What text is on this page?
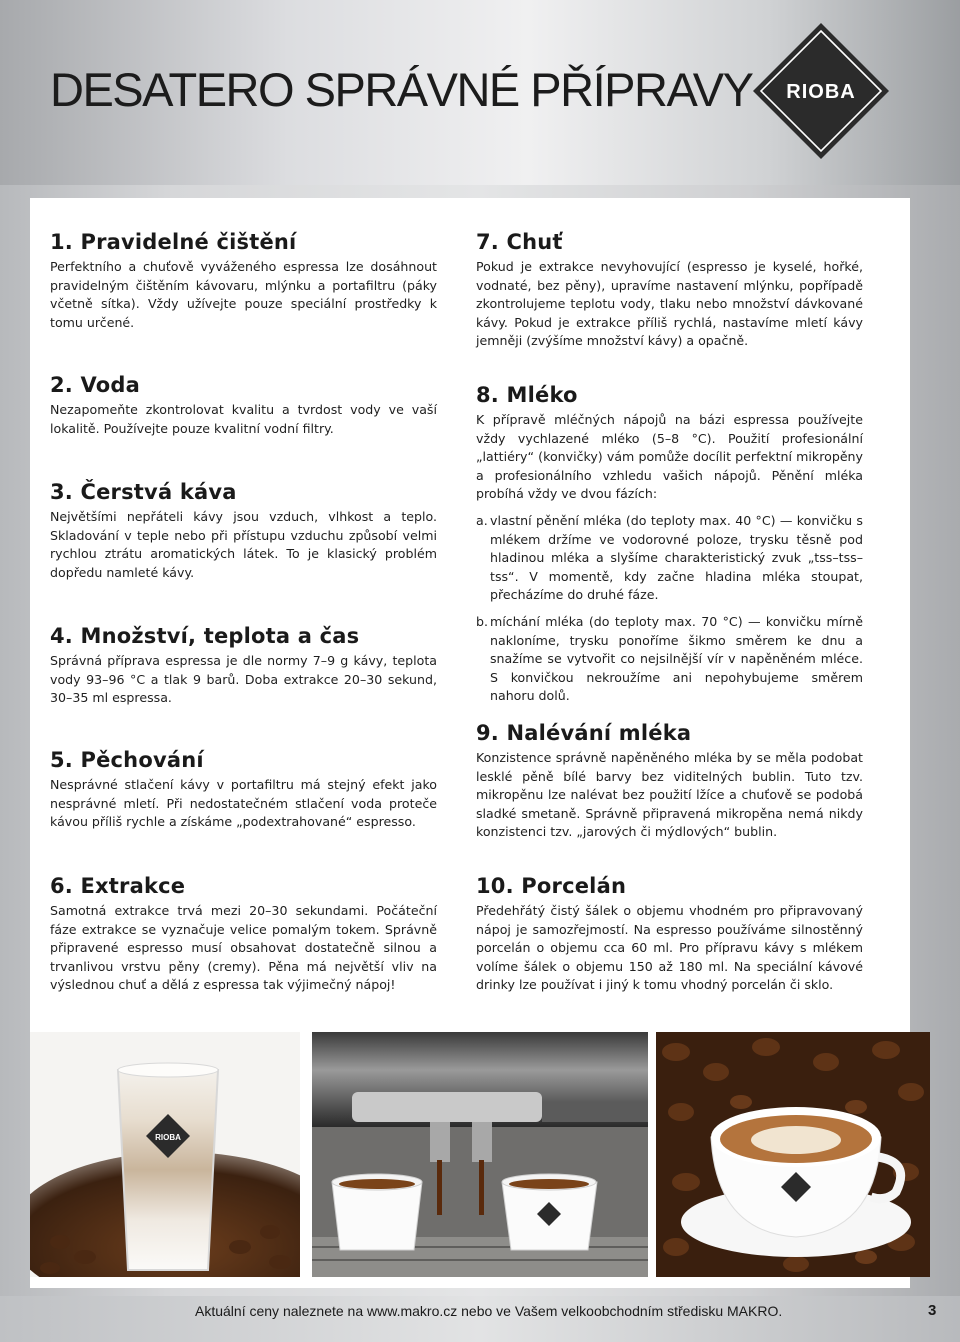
DESATERO SPRÁVNÉ PŘÍPRAVY RIOBA
1. Pravidelné čištění

Perfektního a chuťově vyváženého espressa lze dosáhnout pravidelným čištěním kávovaru, mlýnku a portafiltru (páky včetně sítka). Vždy užívejte pouze speciální prostředky k tomu určené.

2. Voda

Nezapomeňte zkontrolovat kvalitu a tvrdost vody ve vaší lokalitě. Používejte pouze kvalitní vodní filtry.

3. Čerstvá káva

Největšími nepřáteli kávy jsou vzduch, vlhkost a teplo. Skladování v teple nebo při přístupu vzduchu způsobí velmi rychlou ztrátu aromatických látek. To je klasický problém dopředu namleté kávy.

4. Množství, teplota a čas

Správná příprava espressa je dle normy 7–9 g kávy, teplota vody 93–96 °C a tlak 9 barů. Doba extrakce 20–30 sekund, 30–35 ml espressa.

5. Pěchování

Nesprávné stlačení kávy v portafiltru má stejný efekt jako nesprávné mletí. Při nedostatečném stlačení voda proteče kávou příliš rychle a získáme „podextrahované“ espresso.

6. Extrakce

Samotná extrakce trvá mezi 20–30 sekundami. Počáteční fáze extrakce se vyznačuje velice pomalým tokem. Správně připravené espresso musí obsahovat dostatečně silnou a trvanlivou vrstvu pěny (cremy). Pěna má největší vliv na výslednou chuť a dělá z espressa tak výjimečný nápoj!

7. Chuť

Pokud je extrakce nevyhovující (espresso je kyselé, hořké, vodnaté, bez pěny), upravíme nastavení mlýnku, popřípadě zkontrolujeme teplotu vody, tlaku nebo množství dávkované kávy. Pokud je extrakce příliš rychlá, nastavíme mletí kávy jemněji (zvýšíme množství kávy) a opačně.

8. Mléko

K přípravě mléčných nápojů na bázi espressa používejte vždy vychlazené mléko (5–8 °C). Použití profesionální „lattiéry“ (konvičky) vám pomůže docílit perfektní mikropěny a profesionálního vzhledu vašich nápojů. Pěnění mléka probíhá vždy ve dvou fázích:

a. vlastní pěnění mléka (do teploty max. 40 °C) — konvičku s mlékem držíme ve vodorovné poloze, trysku těsně pod hladinou mléka a slyšíme charakteristický zvuk „tss–tss–tss“. V momentě, kdy začne hladina mléka stoupat, přecházíme do druhé fáze.
b. míchání mléka (do teploty max. 70 °C) — konvičku mírně nakloníme, trysku ponoříme šikmo směrem ke dnu a snažíme se vytvořit co nejsilnější vír v napěněném mléce. S konvičkou nekroužíme ani nepohybujeme směrem nahoru dolů.
9. Nalévání mléka

Konzistence správně napěněného mléka by se měla podobat lesklé pěně bílé barvy bez viditelných bublin. Tuto tzv. mikropěnu lze nalévat bez použití lžíce a chuťově se podobá sladké smetaně. Správně připravená mikropěna nemá nikdy konzistenci tzv. „jarových či mýdlových“ bublin.

10. Porcelán

Předehřátý čistý šálek o objemu vhodném pro připravovaný nápoj je samozřejmostí. Na espresso používáme silnostěnný porcelán o objemu cca 60 ml. Pro přípravu kávy s mlékem volíme šálek o objemu 150 až 180 ml. Na speciální kávové drinky lze používat i jiný k tomu vhodný porcelán či sklo.

RIOBA
Aktuální ceny naleznete na www.makro.cz nebo ve Vašem velkoobchodním středisku MAKRO.	3
